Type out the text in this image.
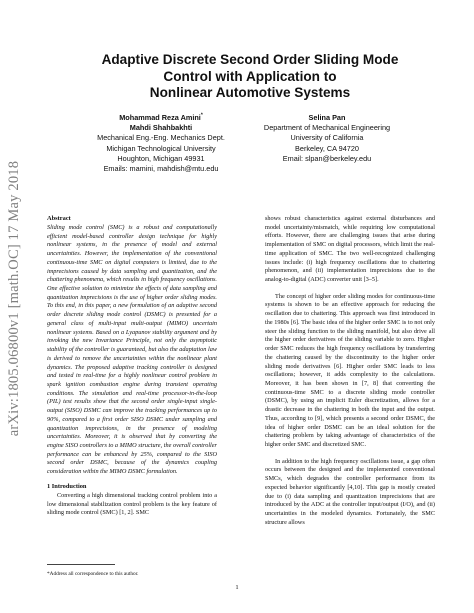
arXiv:1805.06800v1 [math.OC] 17 May 2018
Adaptive Discrete Second Order Sliding Mode
Control with Application to
Nonlinear Automotive Systems
Mohammad Reza Amini*
Mahdi Shahbakhti
Mechanical Eng.-Eng. Mechanics Dept.
Michigan Technological University
Houghton, Michigan 49931
Emails: mamini, mahdish@mtu.edu
Selina Pan
Department of Mechanical Engineering
University of California
Berkeley, CA 94720
Email: slpan@berkeley.edu
Abstract

Sliding mode control (SMC) is a robust and computationally efficient model-based controller design technique for highly nonlinear systems, in the presence of model and external uncertainties. However, the implementation of the conventional continuous-time SMC on digital computers is limited, due to the imprecisions caused by data sampling and quantization, and the chattering phenomena, which results in high frequency oscillations. One effective solution to minimize the effects of data sampling and quantization imprecisions is the use of higher order sliding modes. To this end, in this paper, a new formulation of an adaptive second order discrete sliding mode control (DSMC) is presented for a general class of multi-input multi-output (MIMO) uncertain nonlinear systems. Based on a Lyapunov stability argument and by invoking the new Invariance Principle, not only the asymptotic stability of the controller is guaranteed, but also the adaptation law is derived to remove the uncertainties within the nonlinear plant dynamics. The proposed adaptive tracking controller is designed and tested in real-time for a highly nonlinear control problem in spark ignition combustion engine during transient operating conditions. The simulation and real-time processor-in-the-loop (PIL) test results show that the second order single-input single-output (SISO) DSMC can improve the tracking performances up to 90%, compared to a first order SISO DSMC under sampling and quantization imprecisions, in the presence of modeling uncertainties. Moreover, it is observed that by converting the engine SISO controllers to a MIMO structure, the overall controller performance can be enhanced by 25%, compared to the SISO second order DSMC, because of the dynamics coupling consideration within the MIMO DSMC formulation.

1 Introduction

Converting a high dimensional tracking control problem into a low dimensional stabilization control problem is the key feature of sliding mode control (SMC) [1, 2]. SMC

shows robust characteristics against external disturbances and model uncertainty/mismatch, while requiring low computational efforts. However, there are challenging issues that arise during implementation of SMC on digital processors, which limit the real-time application of SMC. The two well-recognized challenging issues include: (i) high frequency oscillations due to chattering phenomenon, and (ii) implementation imprecisions due to the analog-to-digital (ADC) converter unit [3–5].

The concept of higher order sliding modes for continuous-time systems is shown to be an effective approach for reducing the oscillation due to chattering. This approach was first introduced in the 1980s [6]. The basic idea of the higher order SMC is to not only steer the sliding function to the sliding manifold, but also drive all the higher order derivatives of the sliding variable to zero. Higher order SMC reduces the high frequency oscillations by transferring the chattering caused by the discontinuity to the higher order sliding mode derivatives [6]. Higher order SMC leads to less oscillations; however, it adds complexity to the calculations. Moreover, it has been shown in [7, 8] that converting the continuous-time SMC to a discrete sliding mode controller (DSMC), by using an implicit Euler discretization, allows for a drastic decrease in the chattering in both the input and the output. Thus, according to [9], which presents a second order DSMC, the idea of higher order DSMC can be an ideal solution for the chattering problem by taking advantage of characteristics of the higher order SMC and discretized SMC.

In addition to the high frequency oscillations issue, a gap often occurs between the designed and the implemented conventional SMCs, which degrades the controller performance from its expected behavior significantly [4,10]. This gap is mostly created due to (i) data sampling and quantization imprecisions that are introduced by the ADC at the controller input/output (I/O), and (ii) uncertainties in the modeled dynamics. Fortunately, the SMC structure allows

*Address all correspondence to this author.
1
